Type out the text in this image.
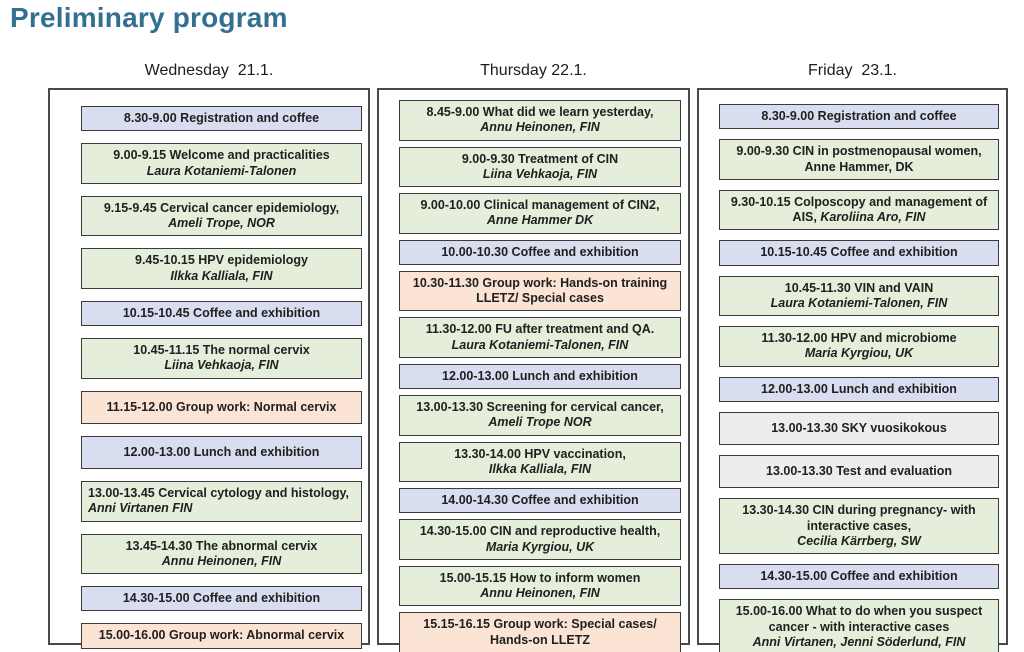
Preliminary program
Wednesday  21.1.
8.30-9.00 Registration and coffee
9.00-9.15 Welcome and practicalities
Laura Kotaniemi-Talonen
9.15-9.45 Cervical cancer epidemiology,
Ameli Trope, NOR
9.45-10.15 HPV epidemiology
Ilkka Kalliala, FIN
10.15-10.45 Coffee and exhibition
10.45-11.15 The normal cervix
Liina Vehkaoja, FIN
11.15-12.00 Group work: Normal cervix
12.00-13.00 Lunch and exhibition
13.00-13.45 Cervical cytology and histology, Anni Virtanen FIN
13.45-14.30 The abnormal cervix
Annu Heinonen, FIN
14.30-15.00 Coffee and exhibition
15.00-16.00 Group work: Abnormal cervix
Thursday 22.1.
8.45-9.00 What did we learn yesterday,
Annu Heinonen, FIN
9.00-9.30 Treatment of CIN
Liina Vehkaoja, FIN
9.00-10.00 Clinical management of CIN2,
Anne Hammer DK
10.00-10.30 Coffee and exhibition
10.30-11.30 Group work: Hands-on training LLETZ/ Special cases
11.30-12.00 FU after treatment and QA.
Laura Kotaniemi-Talonen, FIN
12.00-13.00 Lunch and exhibition
13.00-13.30 Screening for cervical cancer,
Ameli Trope NOR
13.30-14.00 HPV vaccination,
Ilkka Kalliala, FIN
14.00-14.30 Coffee and exhibition
14.30-15.00 CIN and reproductive health,
Maria Kyrgiou, UK
15.00-15.15 How to inform women
Annu Heinonen, FIN
15.15-16.15 Group work: Special cases/ Hands-on LLETZ
Friday  23.1.
8.30-9.00 Registration and coffee
9.00-9.30 CIN in postmenopausal women, Anne Hammer, DK
9.30-10.15 Colposcopy and management of AIS, Karoliina Aro, FIN
10.15-10.45 Coffee and exhibition
10.45-11.30 VIN and VAIN
Laura Kotaniemi-Talonen, FIN
11.30-12.00 HPV and microbiome
Maria Kyrgiou, UK
12.00-13.00 Lunch and exhibition
13.00-13.30 SKY vuosikokous
13.00-13.30 Test and evaluation
13.30-14.30 CIN during pregnancy- with interactive cases,
Cecilia Kärrberg, SW
14.30-15.00 Coffee and exhibition
15.00-16.00 What to do when you suspect cancer - with interactive cases
Anni Virtanen, Jenni Söderlund, FIN
